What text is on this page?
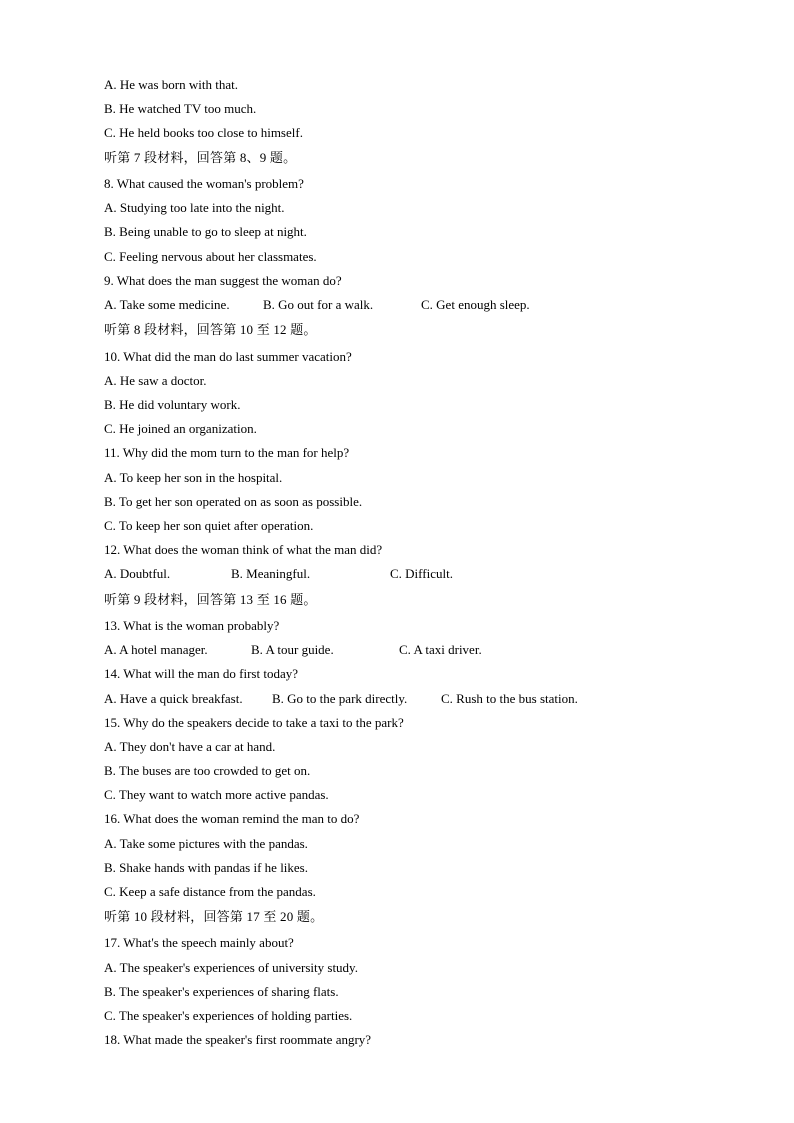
A. He was born with that.
B. He watched TV too much.
C. He held books too close to himself.
听第 7 段材料，回答第 8、9 题。
8. What caused the woman's problem?
A. Studying too late into the night.
B. Being unable to go to sleep at night.
C. Feeling nervous about her classmates.
9. What does the man suggest the woman do?
A. Take some medicine.	B. Go out for a walk.	C. Get enough sleep.
听第 8 段材料，回答第 10 至 12 题。
10. What did the man do last summer vacation?
A. He saw a doctor.
B. He did voluntary work.
C. He joined an organization.
11. Why did the mom turn to the man for help?
A. To keep her son in the hospital.
B. To get her son operated on as soon as possible.
C. To keep her son quiet after operation.
12. What does the woman think of what the man did?
A. Doubtful.	B. Meaningful.	C. Difficult.
听第 9 段材料，回答第 13 至 16 题。
13. What is the woman probably?
A. A hotel manager.	B. A tour guide.	C. A taxi driver.
14. What will the man do first today?
A. Have a quick breakfast. B. Go to the park directly.	C. Rush to the bus station.
15. Why do the speakers decide to take a taxi to the park?
A. They don't have a car at hand.
B. The buses are too crowded to get on.
C. They want to watch more active pandas.
16. What does the woman remind the man to do?
A. Take some pictures with the pandas.
B. Shake hands with pandas if he likes.
C. Keep a safe distance from the pandas.
听第 10 段材料，回答第 17 至 20 题。
17. What's the speech mainly about?
A. The speaker's experiences of university study.
B. The speaker's experiences of sharing flats.
C. The speaker's experiences of holding parties.
18. What made the speaker's first roommate angry?
